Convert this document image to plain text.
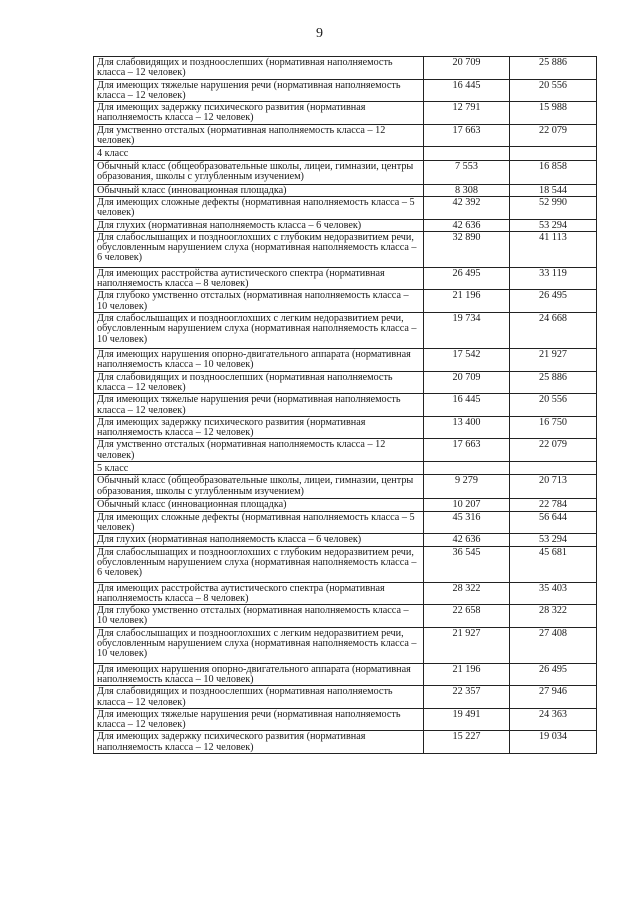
9
Для слабовидящих и поздноослепших (нормативная наполняемость класса – 12 человек)	20 709	25 886
Для имеющих тяжелые нарушения речи (нормативная наполняемость класса – 12 человек)	16 445	20 556
Для имеющих задержку психического развития (нормативная наполняемость класса – 12 человек)	12 791	15 988
Для умственно отсталых (нормативная наполняемость класса – 12 человек)	17 663	22 079
4 класс		
Обычный класс (общеобразовательные школы, лицеи, гимназии, центры образования, школы с углубленным изучением)	7 553	16 858
Обычный класс (инновационная площадка)	8 308	18 544
Для имеющих сложные дефекты (нормативная наполняемость класса – 5 человек)	42 392	52 990
Для глухих (нормативная наполняемость класса – 6 человек)	42 636	53 294
Для слабослышащих и позднооглохших с глубоким недоразвитием речи, обусловленным нарушением слуха (нормативная наполняемость класса – 6 человек)	32 890	41 113
Для имеющих расстройства аутистического спектра (нормативная наполняемость класса – 8 человек)	26 495	33 119
Для глубоко умственно отсталых (нормативная наполняемость класса – 10 человек)	21 196	26 495
Для слабослышащих и позднооглохших с легким недоразвитием речи, обусловленным нарушением слуха (нормативная наполняемость класса – 10 человек)	19 734	24 668
Для имеющих нарушения опорно-двигательного аппарата (нормативная наполняемость класса – 10 человек)	17 542	21 927
Для слабовидящих и поздноослепших (нормативная наполняемость класса – 12 человек)	20 709	25 886
Для имеющих тяжелые нарушения речи (нормативная наполняемость класса – 12 человек)	16 445	20 556
Для имеющих задержку психического развития (нормативная наполняемость класса – 12 человек)	13 400	16 750
Для умственно отсталых (нормативная наполняемость класса – 12 человек)	17 663	22 079
5 класс		
Обычный класс (общеобразовательные школы, лицеи, гимназии, центры образования, школы с углубленным изучением)	9 279	20 713
Обычный класс (инновационная площадка)	10 207	22 784
Для имеющих сложные дефекты (нормативная наполняемость класса – 5 человек)	45 316	56 644
Для глухих (нормативная наполняемость класса – 6 человек)	42 636	53 294
Для слабослышащих и позднооглохших с глубоким недоразвитием речи, обусловленным нарушением слуха (нормативная наполняемость класса – 6 человек)	36 545	45 681
Для имеющих расстройства аутистического спектра (нормативная наполняемость класса – 8 человек)	28 322	35 403
Для глубоко умственно отсталых (нормативная наполняемость класса – 10 человек)	22 658	28 322
Для слабослышащих и позднооглохших с легким недоразвитием речи, обусловленным нарушением слуха (нормативная наполняемость класса – 10 человек)	21 927	27 408
Для имеющих нарушения опорно-двигательного аппарата (нормативная наполняемость класса – 10 человек)	21 196	26 495
Для слабовидящих и поздноослепших (нормативная наполняемость класса – 12 человек)	22 357	27 946
Для имеющих тяжелые нарушения речи (нормативная наполняемость класса – 12 человек)	19 491	24 363
Для имеющих задержку психического развития (нормативная наполняемость класса – 12 человек)	15 227	19 034
